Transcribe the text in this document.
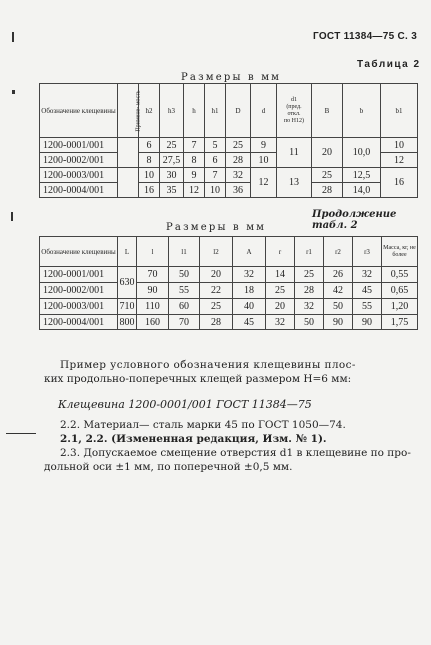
ГОСТ 11384—75 С. 3
Таблица 2
Размеры в мм
Обозначение клещевины	Примене- мость	h2	h3	h	h1	D	d	d1
(пред.
откл.
по Н12)	B	b	b1
1200-0001/001		6	25	7	5	25	9	11	20	10,0	10
1200-0002/001		8	27,5	8	6	28	10				12
1200-0003/001		10	30	9	7	32	12	13	25	12,5	16
1200-0004/001		16	35	12	10	36			28	14,0	
Продолжение табл. 2
Размеры в мм
Обозначение клещевины	L	l	l1	l2	A	r	r1	r2	r3	Масса, кг, не более
1200-0001/001	630	70	50	20	32	14	25	26	32	0,55
1200-0002/001		90	55	22	18	25	28	42	45	0,65
1200-0003/001	710	110	60	25	40	20	32	50	55	1,20
1200-0004/001	800	160	70	28	45	32	50	90	90	1,75
Пример условного обозначения клещевины плос-
ких продольно-поперечных клещей размером H=6 мм:
Клещевина 1200-0001/001 ГОСТ 11384—75
2.2. Материал— сталь марки 45 по ГОСТ 1050—74.
2.1, 2.2. (Измененная редакция, Изм. № 1).
2.3. Допускаемое смещение отверстия d1 в клещевине по про-
дольной оси ±1 мм, по поперечной ±0,5 мм.
